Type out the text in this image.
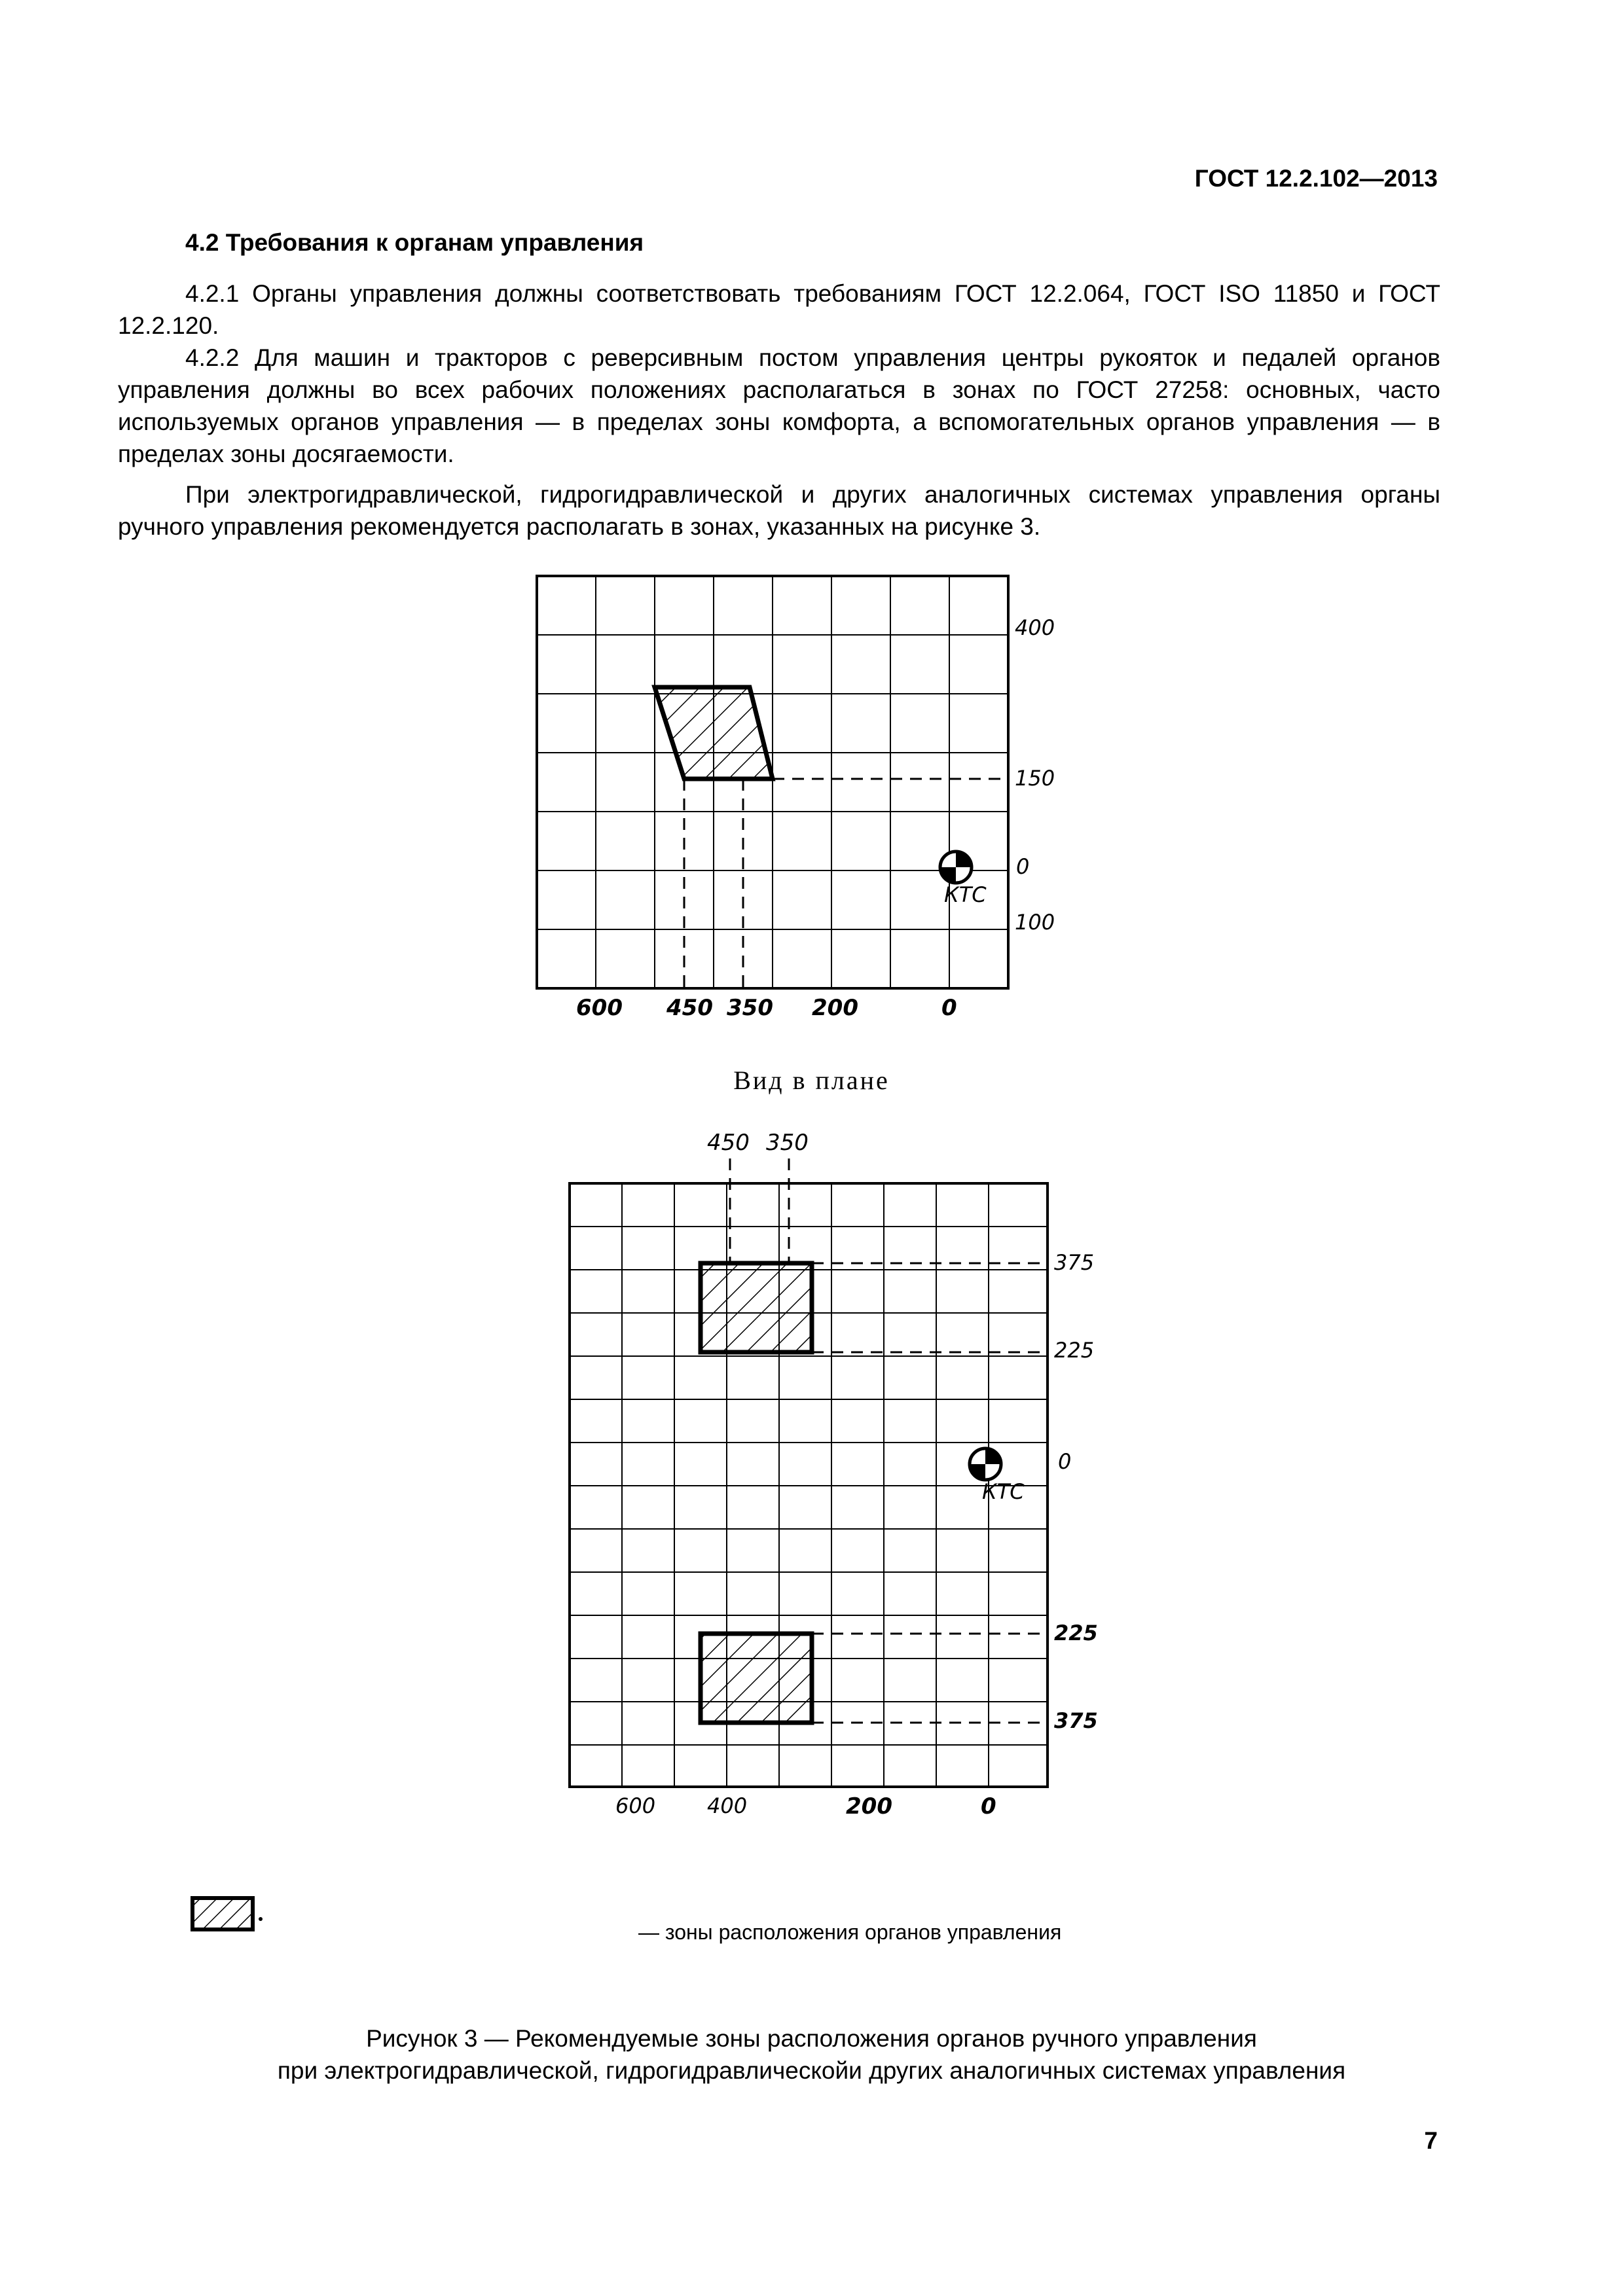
ГОСТ 12.2.102—2013
4.2 Требования к органам управления

4.2.1 Органы управления должны соответствовать требованиям ГОСТ 12.2.064, ГОСТ ISO 11850 и ГОСТ 12.2.120.

4.2.2 Для машин и тракторов с реверсивным постом управления центры рукояток и педалей органов управления должны во всех рабочих положениях располагаться в зонах по ГОСТ 27258: основных, часто используемых органов управления — в пределах зоны комфорта, а вспомогательных органов управления — в пределах зоны досягаемости.

При электрогидравлической, гидрогидравлической и других аналогичных системах управления органы ручного управления рекомендуется располагать в зонах, указанных на рисунке 3.

400
150
0
100
КТС
600 450 350 200	0
Вид в плане
450 350
375
225
0
225
375
КТС
600 400	200	0
— зоны расположения органов управления
Рисунок 3 — Рекомендуемые зоны расположения органов ручного управления
при электрогидравлической, гидрогидравлическойи других аналогичных системах управления
7
